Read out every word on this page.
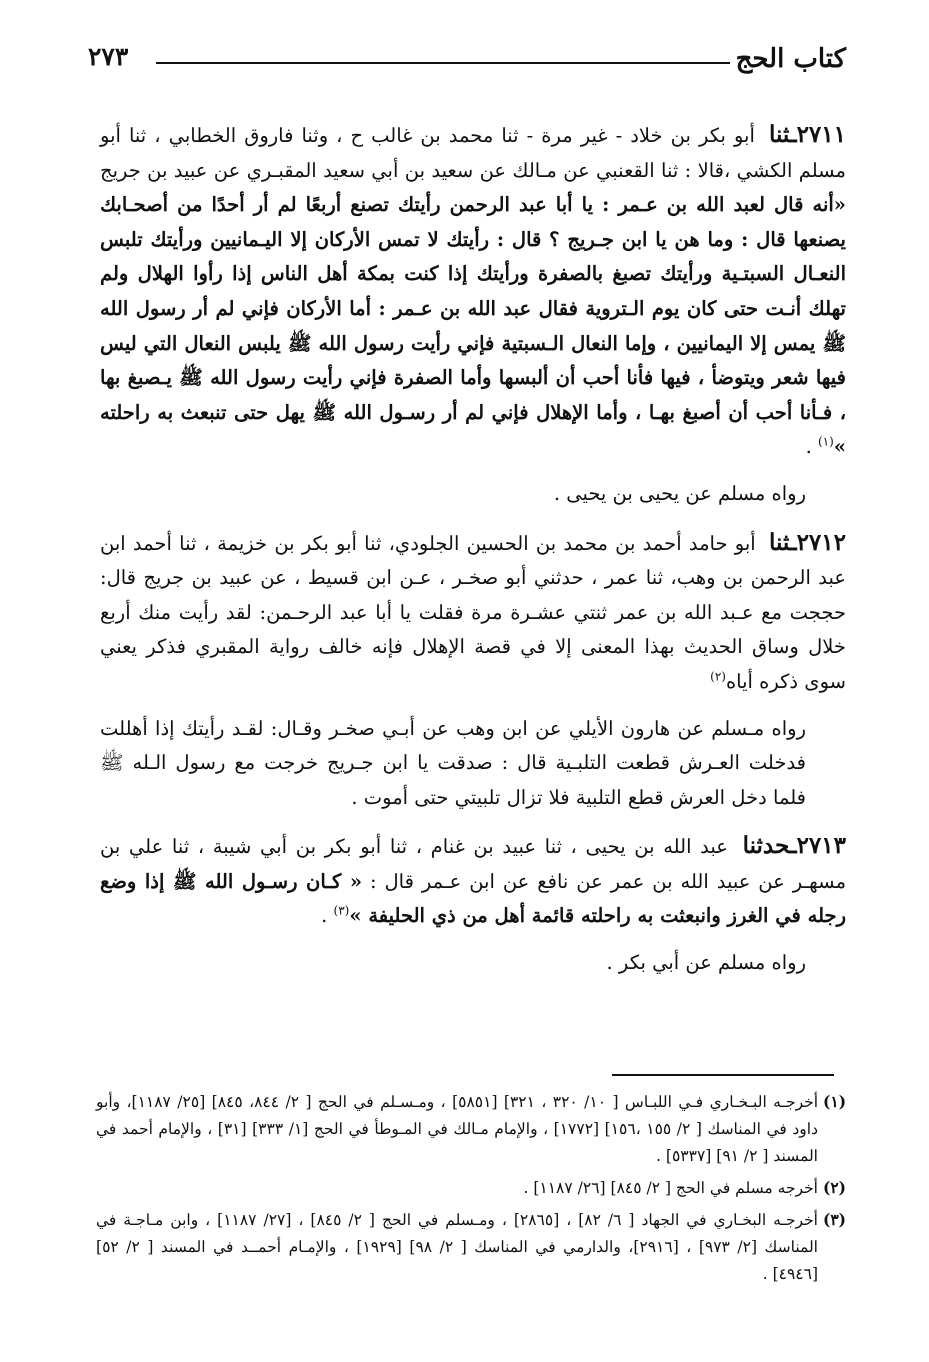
كتاب الحج
٢٧٣

٢٧١١ـثنا أبو بكر بن خلاد - غير مرة - ثنا محمد بن غالب ح ، وثنا فاروق الخطابي ، ثنا أبو مسلم الكشي ،قالا : ثنا القعنبي عن مـالك عن سعيد بن أبي سعيد المقبـري عن عبيد بن جريج «أنه قال لعبد الله بن عـمر : يا أبا عبد الرحمن رأيتك تصنع أربعًا لم أر أحدًا من أصحـابك يصنعها قال : وما هن يا ابن جـريج ؟ قال : رأيتك لا تمس الأركان إلا اليـمانيين ورأيتك تلبس النعـال السبتـية ورأيتك تصبغ بالصفرة ورأيتك إذا كنت بمكة أهل الناس إذا رأوا الهلال ولم تهلك أنـت حتى كان يوم الـتروية فقال عبد الله بن عـمر : أما الأركان فإني لم أر رسول الله ﷺ يمس إلا اليمانيين ، وإما النعال الـسبتية فإني رأيت رسول الله ﷺ يلبس النعال التي ليس فيها شعر ويتوضأ ، فيها فأنا أحب أن ألبسها وأما الصفرة فإني رأيت رسول الله ﷺ يـصبغ بها ، فـأنا أحب أن أصبغ بهـا ، وأما الإهلال فإني لم أر رسـول الله ﷺ يهل حتى تنبعث به راحلته »$^{(١)}$ .

رواه مسلم عن يحيى بن يحيى .

٢٧١٢ـثنا أبو حامد أحمد بن محمد بن الحسين الجلودي، ثنا أبو بكر بن خزيمة ، ثنا أحمد ابن عبد الرحمن بن وهب، ثنا عمر ، حدثني أبو صخـر ، عـن ابن قسيط ، عن عبيد بن جريج قال: حججت مع عـبد الله بن عمر ثنتي عشـرة مرة فقلت يا أبا عبد الرحـمن: لقد رأيت منك أربع خلال وساق الحديث بهذا المعنى إلا في قصة الإهلال فإنه خالف رواية المقبري فذكر يعني سوى ذكره أياه$^{(٢)}$

رواه مـسلم عن هارون الأيلي عن ابن وهب عن أبـي صخـر وقـال: لقـد رأيتك إذا أهللت فدخلت العـرش قطعت التلبـية قال : صدقت يا ابن جـريج خرجت مع رسول الـله ﷺ فلما دخل العرش قطع التلبية فلا تزال تلبيتي حتى أموت .

٢٧١٣ـحدثنا عبد الله بن يحيى ، ثنا عبيد بن غنام ، ثنا أبو بكر بن أبي شيبة ، ثنا علي بن مسهـر عن عبيد الله بن عمر عن نافع عن ابن عـمر قال : « كـان رسـول الله ﷺ إذا وضع رجله في الغرز وانبعثت به راحلته قائمة أهل من ذي الحليفة »$^{(٣)}$ .

رواه مسلم عن أبي بكر .

(١)أخرجـه البـخـاري فـي اللبـاس [ ١٠/ ٣٢٠ ، ٣٢١] [٥٨٥١] ، ومـسـلم في الحج [ ٢/ ٨٤٤، ٨٤٥] [٢٥/ ١١٨٧]، وأبو داود في المناسك [ ٢/ ١٥٥ ،١٥٦] [١٧٧٢] ، والإمام مـالك في المـوطأ في الحج [١/ ٣٣٣] [٣١] ، والإمام أحمد في المسند [ ٢/ ٩١] [٥٣٣٧] .

(٢)أخرجه مسلم في الحج [ ٢/ ٨٤٥] [٢٦/ ١١٨٧] .

(٣)أخرجـه البخـاري في الجهاد [ ٦/ ٨٢] ، [٢٨٦٥] ، ومـسلم في الحج [ ٢/ ٨٤٥] ، [٢٧/ ١١٨٧] ، وابن مـاجـة في المناسك [٢/ ٩٧٣] ، [٢٩١٦]، والدارمي في المناسك [ ٢/ ٩٨] [١٩٢٩] ، والإمـام أحمــد في المسند [ ٢/ ٥٢] [٤٩٤٦] .
